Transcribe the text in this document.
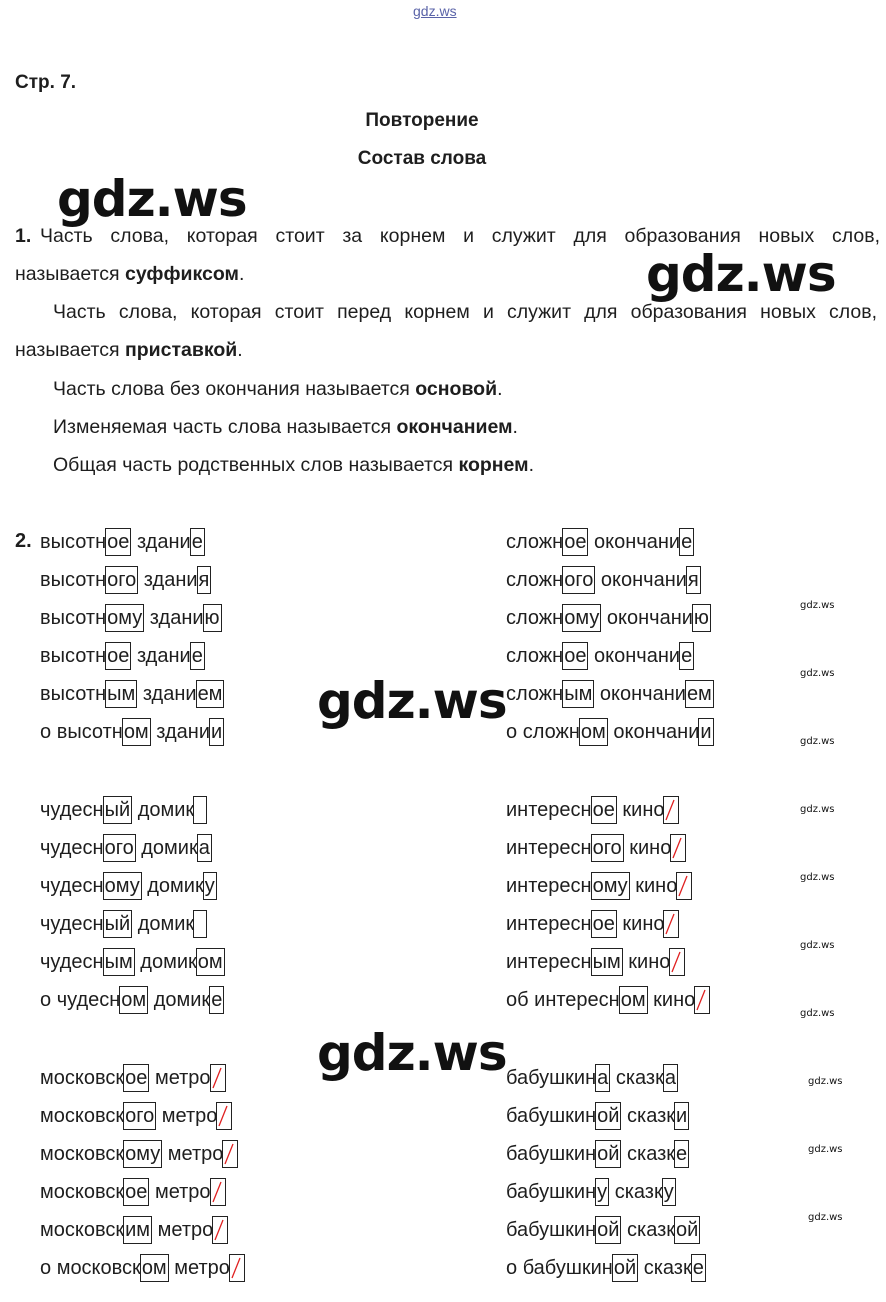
gdz.ws
Стр. 7.
Повторение
Состав слова
gdz.ws
gdz.ws
gdz.ws
gdz.ws
gdz.ws
gdz.ws
gdz.ws
gdz.ws
gdz.ws
gdz.ws
gdz.ws
gdz.ws
gdz.ws
gdz.ws
1. Часть слова, которая стоит за корнем и служит для образования новых слов,
называется суффиксом.
Часть слова, которая стоит перед корнем и служит для образования новых слов,
называется приставкой.
Часть слова без окончания называется основой.
Изменяемая часть слова называется окончанием.
Общая часть родственных слов называется корнем.
2. высотное здание	сложное окончание
высотного здания	сложного окончания
высотному зданию	сложному окончанию
высотное здание	сложное окончание
высотным зданием	сложным окончанием
о высотном здании	о сложном окончании
чудесный домик	интересное кино
чудесного домика	интересного кино
чудесному домику	интересному кино
чудесный домик	интересное кино
чудесным домиком	интересным кино
о чудесном домике	об интересном кино
московское метро	бабушкина сказка
московского метро	бабушкиной сказки
московскому метро	бабушкиной сказке
московское метро	бабушкину сказку
московским метро	бабушкиной сказкой
о московском метро	о бабушкиной сказке
